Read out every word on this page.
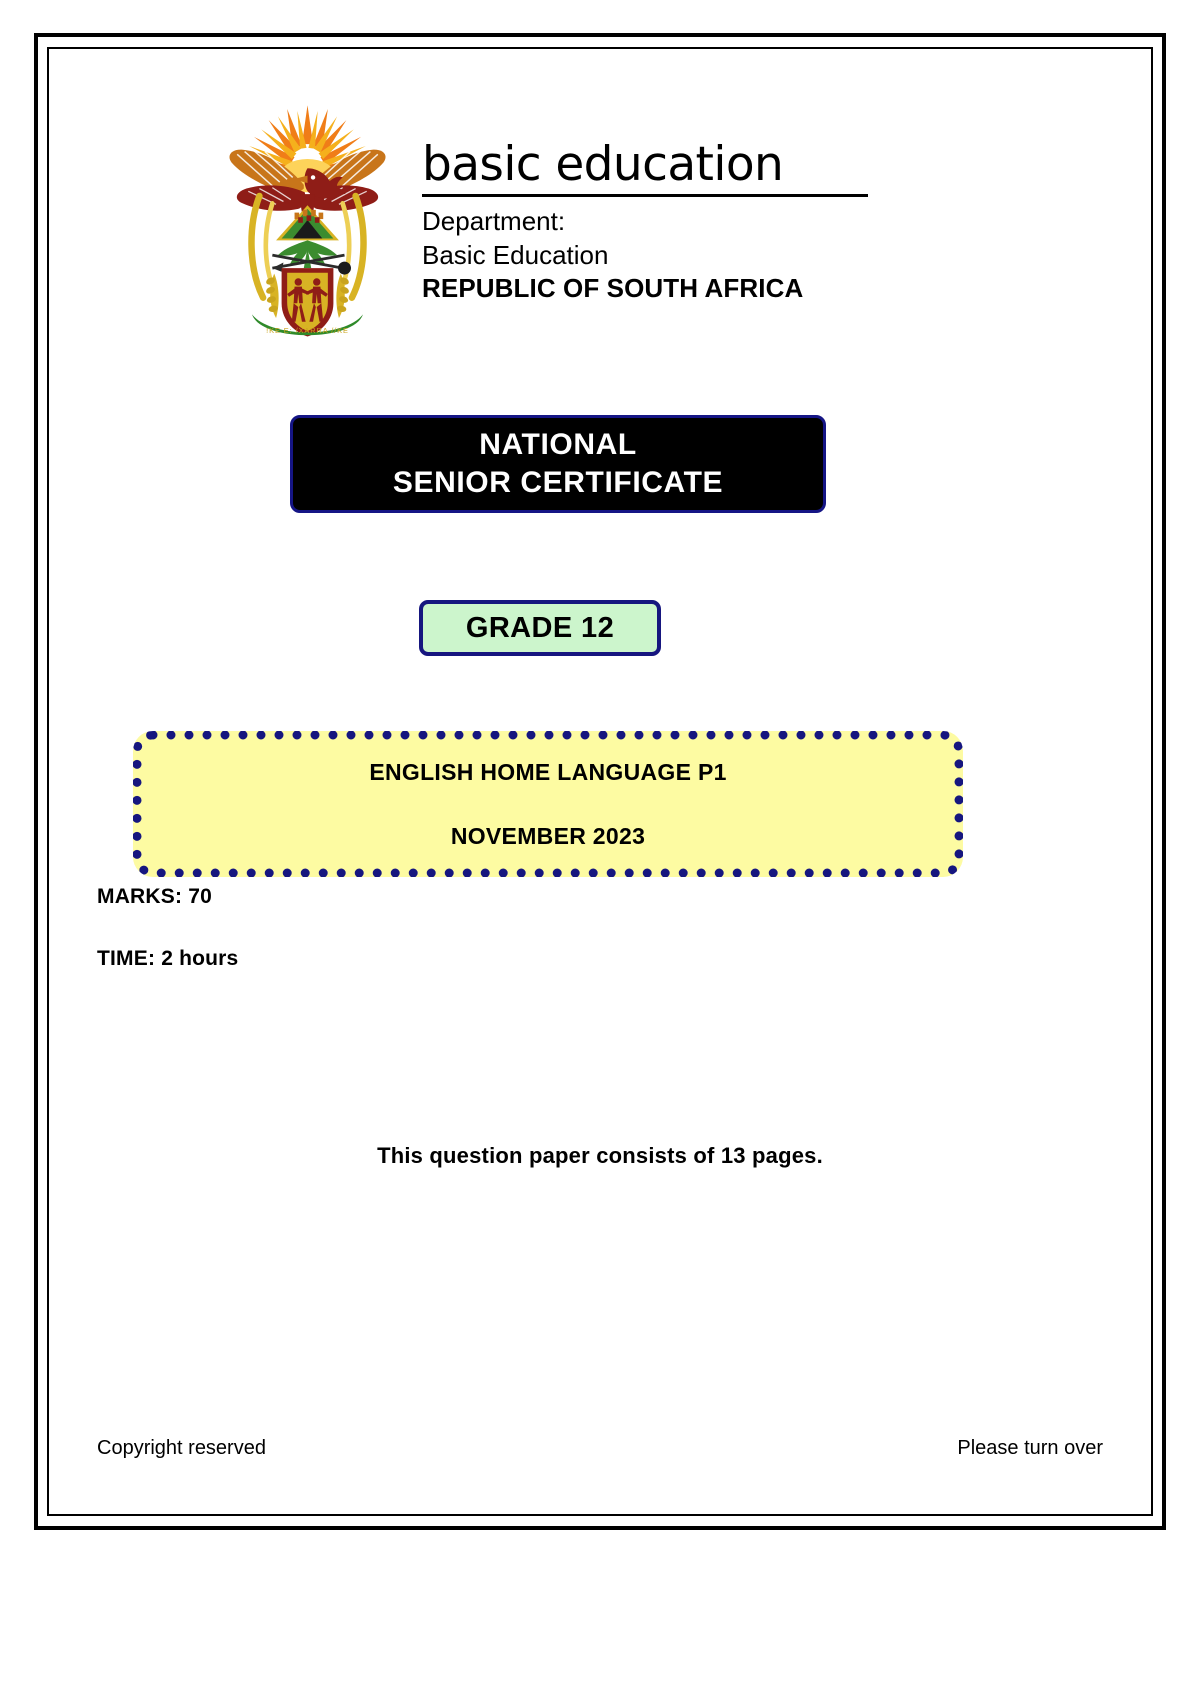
!KE E: /XARRA //KE
basic education
Department:
Basic Education
REPUBLIC OF SOUTH AFRICA
NATIONAL
SENIOR CERTIFICATE
GRADE 12
ENGLISH HOME LANGUAGE P1
NOVEMBER 2023
MARKS: 70
TIME: 2 hours
This question paper consists of 13 pages.
Copyright reserved	Please turn over
